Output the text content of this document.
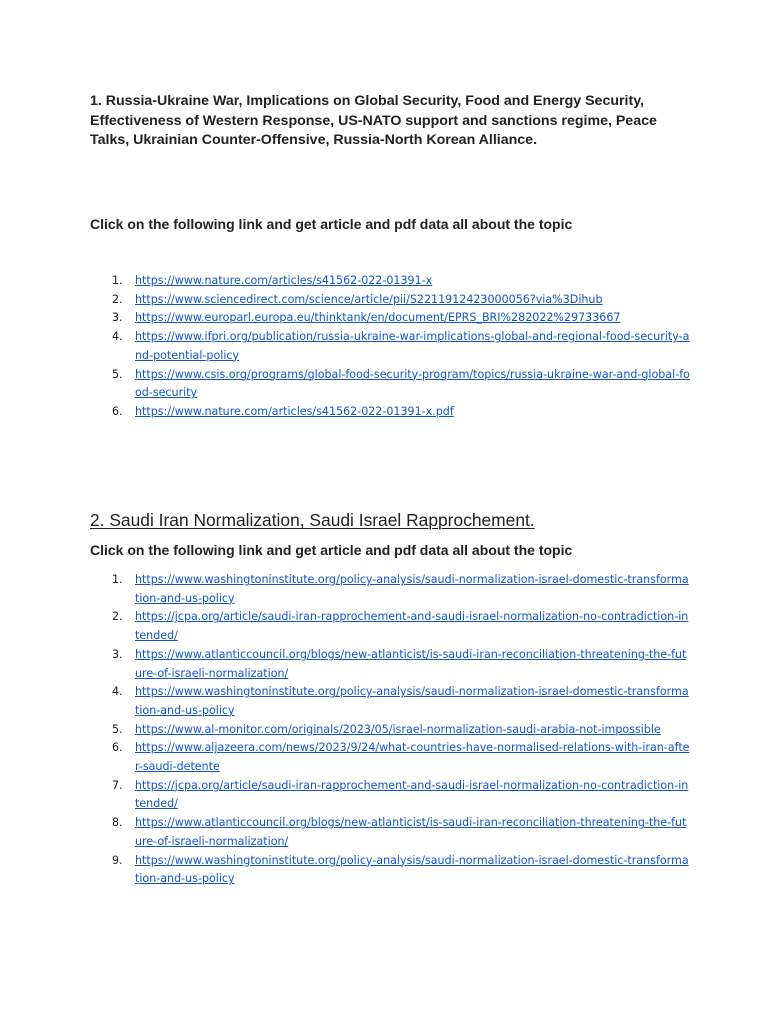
1. Russia-Ukraine War, Implications on Global Security, Food and Energy Security, Effectiveness of Western Response, US-NATO support and sanctions regime, Peace Talks, Ukrainian Counter-Offensive, Russia-North Korean Alliance.
Click on the following link and get article and pdf data all about the topic
1. https://www.nature.com/articles/s41562-022-01391-x
2. https://www.sciencedirect.com/science/article/pii/S2211912423000056?via%3Dihub
3. https://www.europarl.europa.eu/thinktank/en/document/EPRS_BRI%282022%29733667
4. https://www.ifpri.org/publication/russia-ukraine-war-implications-global-and-regional-food-security-and-potential-policy
5. https://www.csis.org/programs/global-food-security-program/topics/russia-ukraine-war-and-global-food-security
6. https://www.nature.com/articles/s41562-022-01391-x.pdf
2. Saudi Iran Normalization, Saudi Israel Rapprochement.
Click on the following link and get article and pdf data all about the topic
1. https://www.washingtoninstitute.org/policy-analysis/saudi-normalization-israel-domestic-transformation-and-us-policy
2. https://jcpa.org/article/saudi-iran-rapprochement-and-saudi-israel-normalization-no-contradiction-intended/
3. https://www.atlanticcouncil.org/blogs/new-atlanticist/is-saudi-iran-reconciliation-threatening-the-future-of-israeli-normalization/
4. https://www.washingtoninstitute.org/policy-analysis/saudi-normalization-israel-domestic-transformation-and-us-policy
5. https://www.al-monitor.com/originals/2023/05/israel-normalization-saudi-arabia-not-impossible
6. https://www.aljazeera.com/news/2023/9/24/what-countries-have-normalised-relations-with-iran-after-saudi-detente
7. https://jcpa.org/article/saudi-iran-rapprochement-and-saudi-israel-normalization-no-contradiction-intended/
8. https://www.atlanticcouncil.org/blogs/new-atlanticist/is-saudi-iran-reconciliation-threatening-the-future-of-israeli-normalization/
9. https://www.washingtoninstitute.org/policy-analysis/saudi-normalization-israel-domestic-transformation-and-us-policy
